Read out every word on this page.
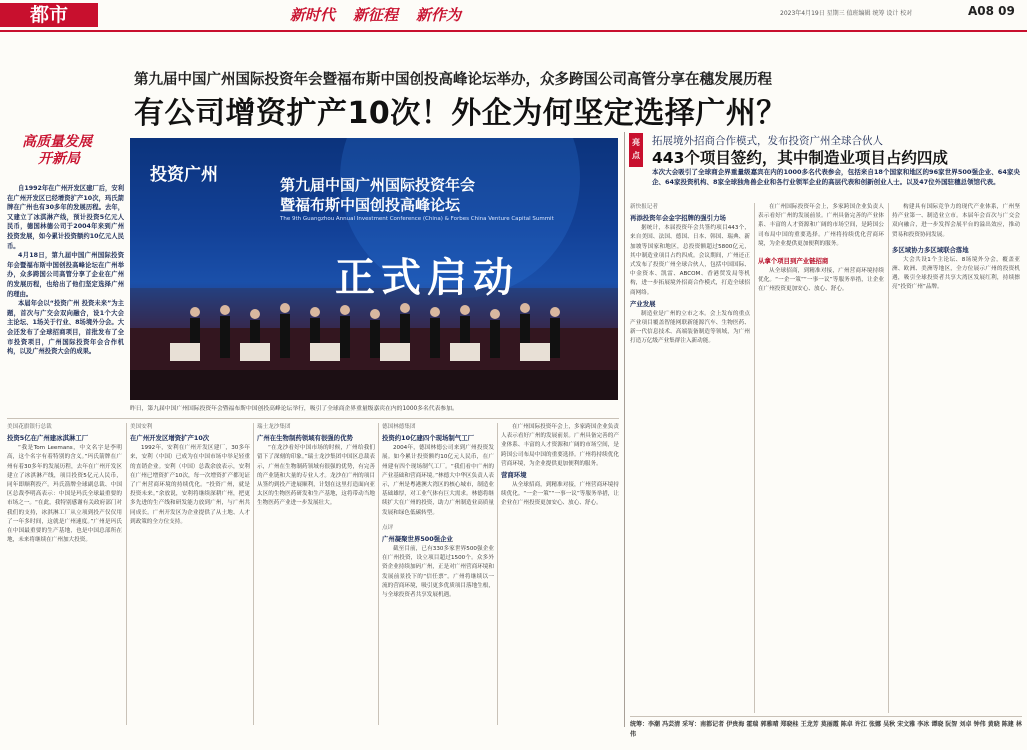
都市	新时代 新征程 新作为	2023年4月19日 星期三 值班编辑 统筹 设计 校对	A08 09
第九届中国广州国际投资年会暨福布斯中国创投高峰论坛举办，众多跨国公司高管分享在穗发展历程
有公司增资扩产10次！外企为何坚定选择广州？
高质量发展
开新局

自1992年在广州开发区建厂后，安利在广州开发区已经增资扩产10次，玛氏箭牌在广州也有30多年的发展历程。去年，又建立了冰淇淋产线，预计投资5亿元人民币，德国林德公司于2004年来到广州投资发展，如今累计投资额约10亿元人民币。

4月18日，第九届中国广州国际投资年会暨福布斯中国创投高峰论坛在广州举办，众多跨国公司高管分享了企业在广州的发展历程，也给出了他们坚定选择广州的理由。

本届年会以“投资广州 投资未来”为主题，首次与广交会双向融合，设1个大会主论坛、1场关于行业、8场境外分会。大会还发布了全球招商项目，首批发布了全市投资项目，广州国际投资年会合作机构，以及广州投资大会的成果。

投资广州	第九届中国广州国际投资年会
暨福布斯中国创投高峰论坛
The 9th Guangzhou Annual Investment Conference (China) & Forbes China Venture Capital Summit
正式启动
昨日，第九届中国广州国际投资年会暨福布斯中国创投高峰论坛举行，吸引了全球商企界重量级嘉宾在内的1000多名代表参加。
美国花旗银行总裁
投资5亿在广州建冰淇淋工厂

“我是Tom Leemans，中文名字是李明高，这个名字有着特别的含义。”玛氏箭牌在广州有着30多年的发展历程，去年在广州开发区建立了冰淇淋产线，项目投资5亿元人民币，同年即顺利投产。玛氏箭牌全球副总裁、中国区总裁李明高表示：中国是玛氏全球最重要的市场之一。“在此，我特别感谢有关政府部门对我们的支持，冰淇淋工厂从立项到投产仅仅用了一年多时间，这就是广州速度。”广州是玛氏在中国最重要的生产基地，也是中国总部所在地，未来将继续在广州加大投资。

美国安利
在广州开发区增资扩产10次

1992年，安利在广州开发区建厂，30多年来，安利（中国）已成为在中国市场中举足轻重的直销企业。安利（中国）总裁余放表示，安利在广州已增资扩产10次，每一次增资扩产都见证了广州营商环境的持续优化。“投资广州，就是投资未来。”余放说，安利将继续深耕广州，把更多先进的生产线和研发能力放到广州，与广州共同成长。广州开发区为企业提供了从土地、人才到政策的全方位支持。

瑞士龙沙集团
广州在生物制药领域有很强的优势

“在龙沙看好中国市场的时候，广州给我们留下了深刻的印象。”瑞士龙沙集团中国区总裁表示，广州在生物制药领域有很强的优势，有完善的产业链和大量的专业人才。龙沙在广州的项目从签约到投产进展顺利，计划在这里打造面向亚太区的生物医药研发和生产基地，这将带动当地生物医药产业进一步发展壮大。

德国林德集团
投资约10亿建四个现场制气工厂

2004年，德国林德公司来到广州投资发展。如今累计投资额约10亿元人民币，在广州建有四个现场制气工厂。“我们看中广州的产业基础和营商环境。”林德大中华区负责人表示，广州是粤港澳大湾区的核心城市，制造业基础雄厚，对工业气体有巨大需求。林德将继续扩大在广州的投资，助力广州制造业高质量发展和绿色低碳转型。

点评
广州凝聚世界500强企业

截至目前，已有330多家世界500强企业在广州投资，设立项目超过1500个。众多外资企业持续加码广州，正是对广州营商环境和发展前景投下的“信任票”。广州将继续以一流的营商环境，吸引更多优质项目落地生根，与全球投资者共享发展机遇。

在广州国际投资年会上，多家跨国企业负责人表示看好广州的发展前景。广州具备完善的产业体系、丰富的人才资源和广阔的市场空间，是跨国公司布局中国的重要选择。广州将持续优化营商环境，为企业提供更加便利的服务。

营商环境

从全球招商，到精准对接，广州营商环境持续优化。“一企一策”“一事一议”等服务举措，让企业在广州投资更加安心、放心、舒心。

亮点
拓展境外招商合作模式，发布投资广州全球合伙人
443个项目签约，其中制造业项目占约四成
本次大会吸引了全球商企界重量级嘉宾在内的1000多名代表参会，包括来自18个国家和地区的96家世界500强企业、64家央企、64家投资机构、8家全球独角兽企业和各行业领军企业的高层代表和创新创业人士。以及47位外国驻穗总领馆代表。
新快报记者
再添投资年会金字招牌的强引力场

据统计，本届投资年会共签约项目443个，来自美国、法国、德国、日本、韩国、瑞典、新加坡等国家和地区，总投资额超过5800亿元，其中制造业项目占约四成。会议期间，广州还正式发布了投资广州全球合伙人，包括中国国际、中金资本、凯雷、ABCOM、香港贸发局等机构，进一步拓展境外招商合作模式，打造全球招商网络。

产业发展

制造业是广州的立市之本。会上发布的重点产业项目覆盖智能网联新能源汽车、生物医药、新一代信息技术、高端装备制造等领域，为广州打造万亿级产业集群注入新动能。

在广州国际投资年会上，多家跨国企业负责人表示看好广州的发展前景。广州具备完善的产业体系、丰富的人才资源和广阔的市场空间，是跨国公司布局中国的重要选择。广州将持续优化营商环境，为企业提供更加便利的服务。

从拿个项目到产业链招商

从全球招商，到精准对接，广州营商环境持续优化。“一企一策”“一事一议”等服务举措，让企业在广州投资更加安心、放心、舒心。

构建具有国际竞争力的现代产业体系，广州坚持产业第一、制造业立市。本届年会首次与广交会双向融合，进一步发挥会展平台的溢出效应，推动贸易和投资协同发展。

多区域协力多区域联合落地

大会共设1个主论坛、8场境外分会，覆盖亚洲、欧洲、美洲等地区，全方位展示广州的投资机遇，吸引全球投资者共享大湾区发展红利，持续擦亮“投资广州”品牌。

统筹：李潮 冯芸清 采写：南都记者 伊贵海 霍瑞 郭雅晴 郑晓桂 王龙芳 莫丽霞 陈卓 许江 张娜 吴秋 宋文雅 李冰 谭晓 阮智 刘卓 钟伟 黄晓 陈建 林伟
